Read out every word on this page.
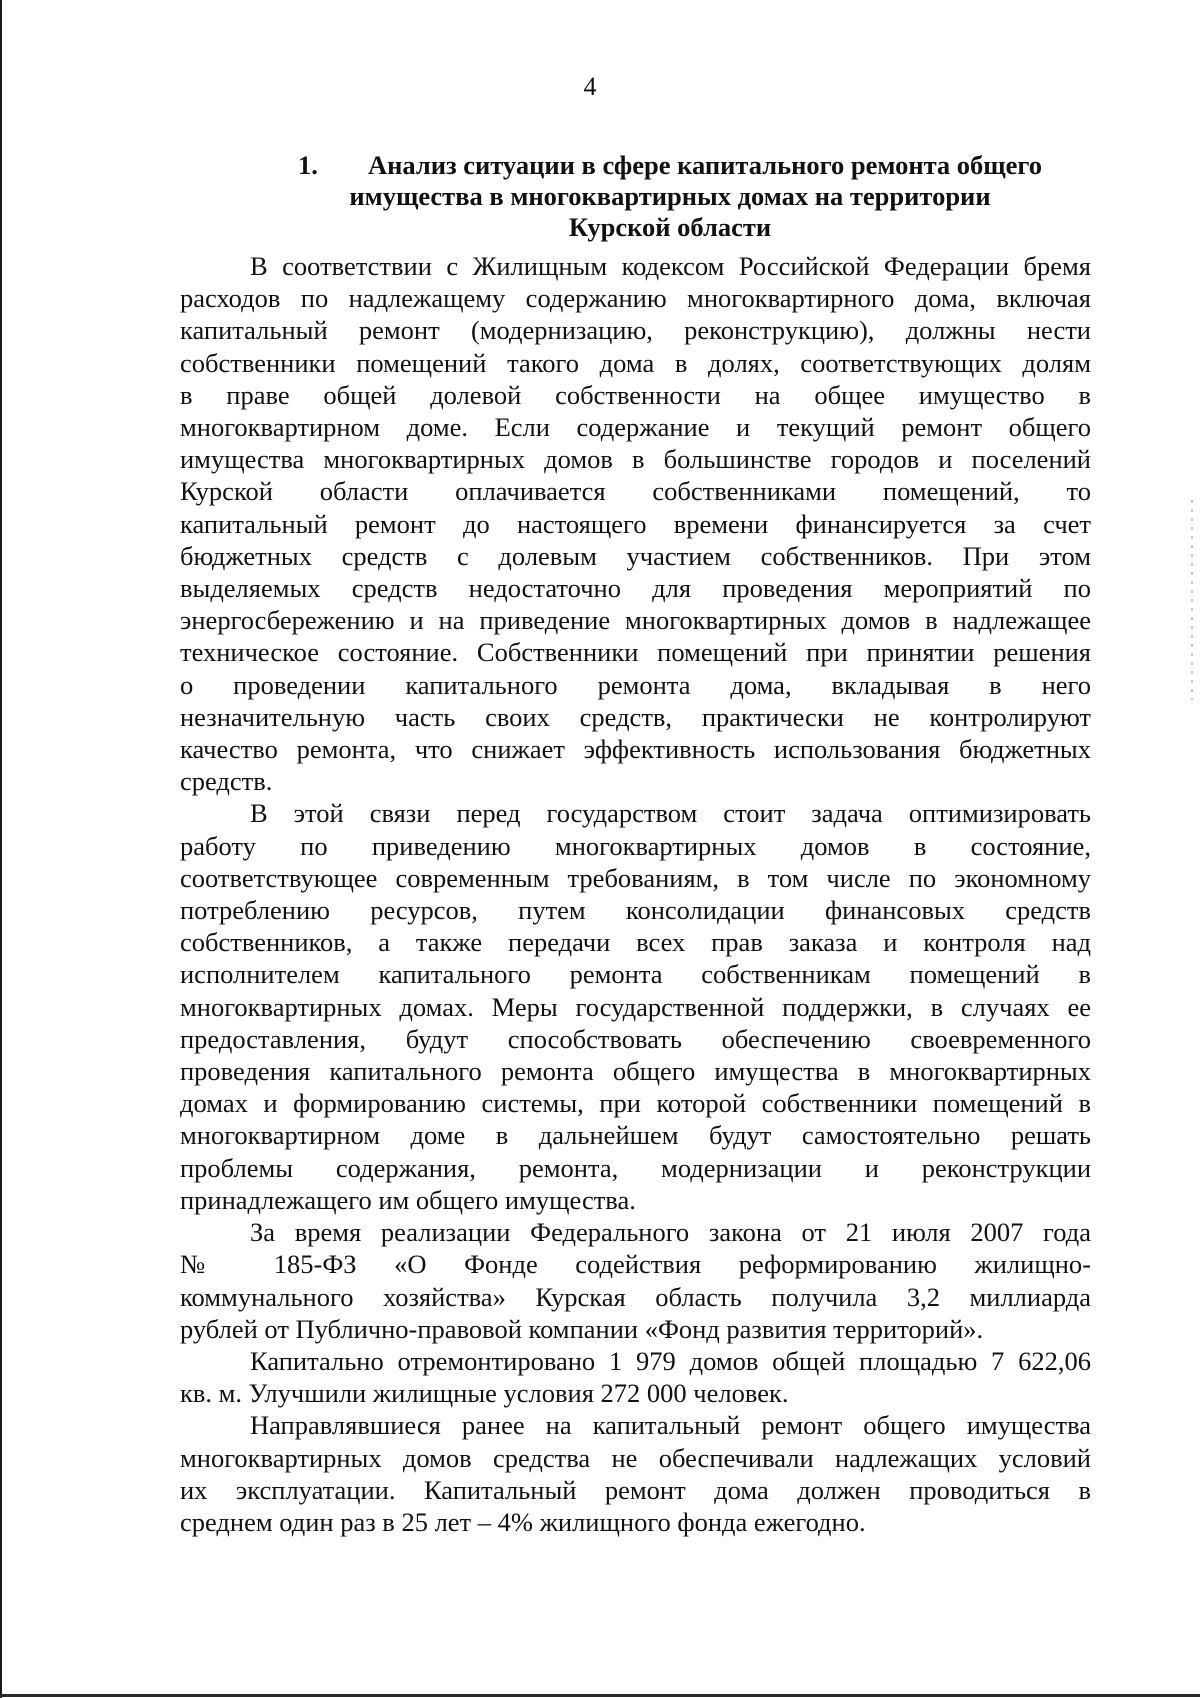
4
1. Анализ ситуации в сфере капитального ремонта общего
имущества в многоквартирных домах на территории
Курской области
В соответствии с Жилищным кодексом Российской Федерации бремя
расходов по надлежащему содержанию многоквартирного дома, включая
капитальный ремонт (модернизацию, реконструкцию), должны нести
собственники помещений такого дома в долях, соответствующих долям
в праве общей долевой собственности на общее имущество в
многоквартирном доме. Если содержание и текущий ремонт общего
имущества многоквартирных домов в большинстве городов и поселений
Курской области оплачивается собственниками помещений, то
капитальный ремонт до настоящего времени финансируется за счет
бюджетных средств с долевым участием собственников. При этом
выделяемых средств недостаточно для проведения мероприятий по
энергосбережению и на приведение многоквартирных домов в надлежащее
техническое состояние. Собственники помещений при принятии решения
о проведении капитального ремонта дома, вкладывая в него
незначительную часть своих средств, практически не контролируют
качество ремонта, что снижает эффективность использования бюджетных
средств.
В этой связи перед государством стоит задача оптимизировать
работу по приведению многоквартирных домов в состояние,
соответствующее современным требованиям, в том числе по экономному
потреблению ресурсов, путем консолидации финансовых средств
собственников, а также передачи всех прав заказа и контроля над
исполнителем капитального ремонта собственникам помещений в
многоквартирных домах. Меры государственной поддержки, в случаях ее
предоставления, будут способствовать обеспечению своевременного
проведения капитального ремонта общего имущества в многоквартирных
домах и формированию системы, при которой собственники помещений в
многоквартирном доме в дальнейшем будут самостоятельно решать
проблемы содержания, ремонта, модернизации и реконструкции
принадлежащего им общего имущества.
За время реализации Федерального закона от 21 июля 2007 года
№ 185-ФЗ «О Фонде содействия реформированию жилищно-
коммунального хозяйства» Курская область получила 3,2 миллиарда
рублей от Публично-правовой компании «Фонд развития территорий».
Капитально отремонтировано 1 979 домов общей площадью 7 622,06
кв. м. Улучшили жилищные условия 272 000 человек.
Направлявшиеся ранее на капитальный ремонт общего имущества
многоквартирных домов средства не обеспечивали надлежащих условий
их эксплуатации. Капитальный ремонт дома должен проводиться в
среднем один раз в 25 лет – 4% жилищного фонда ежегодно.
